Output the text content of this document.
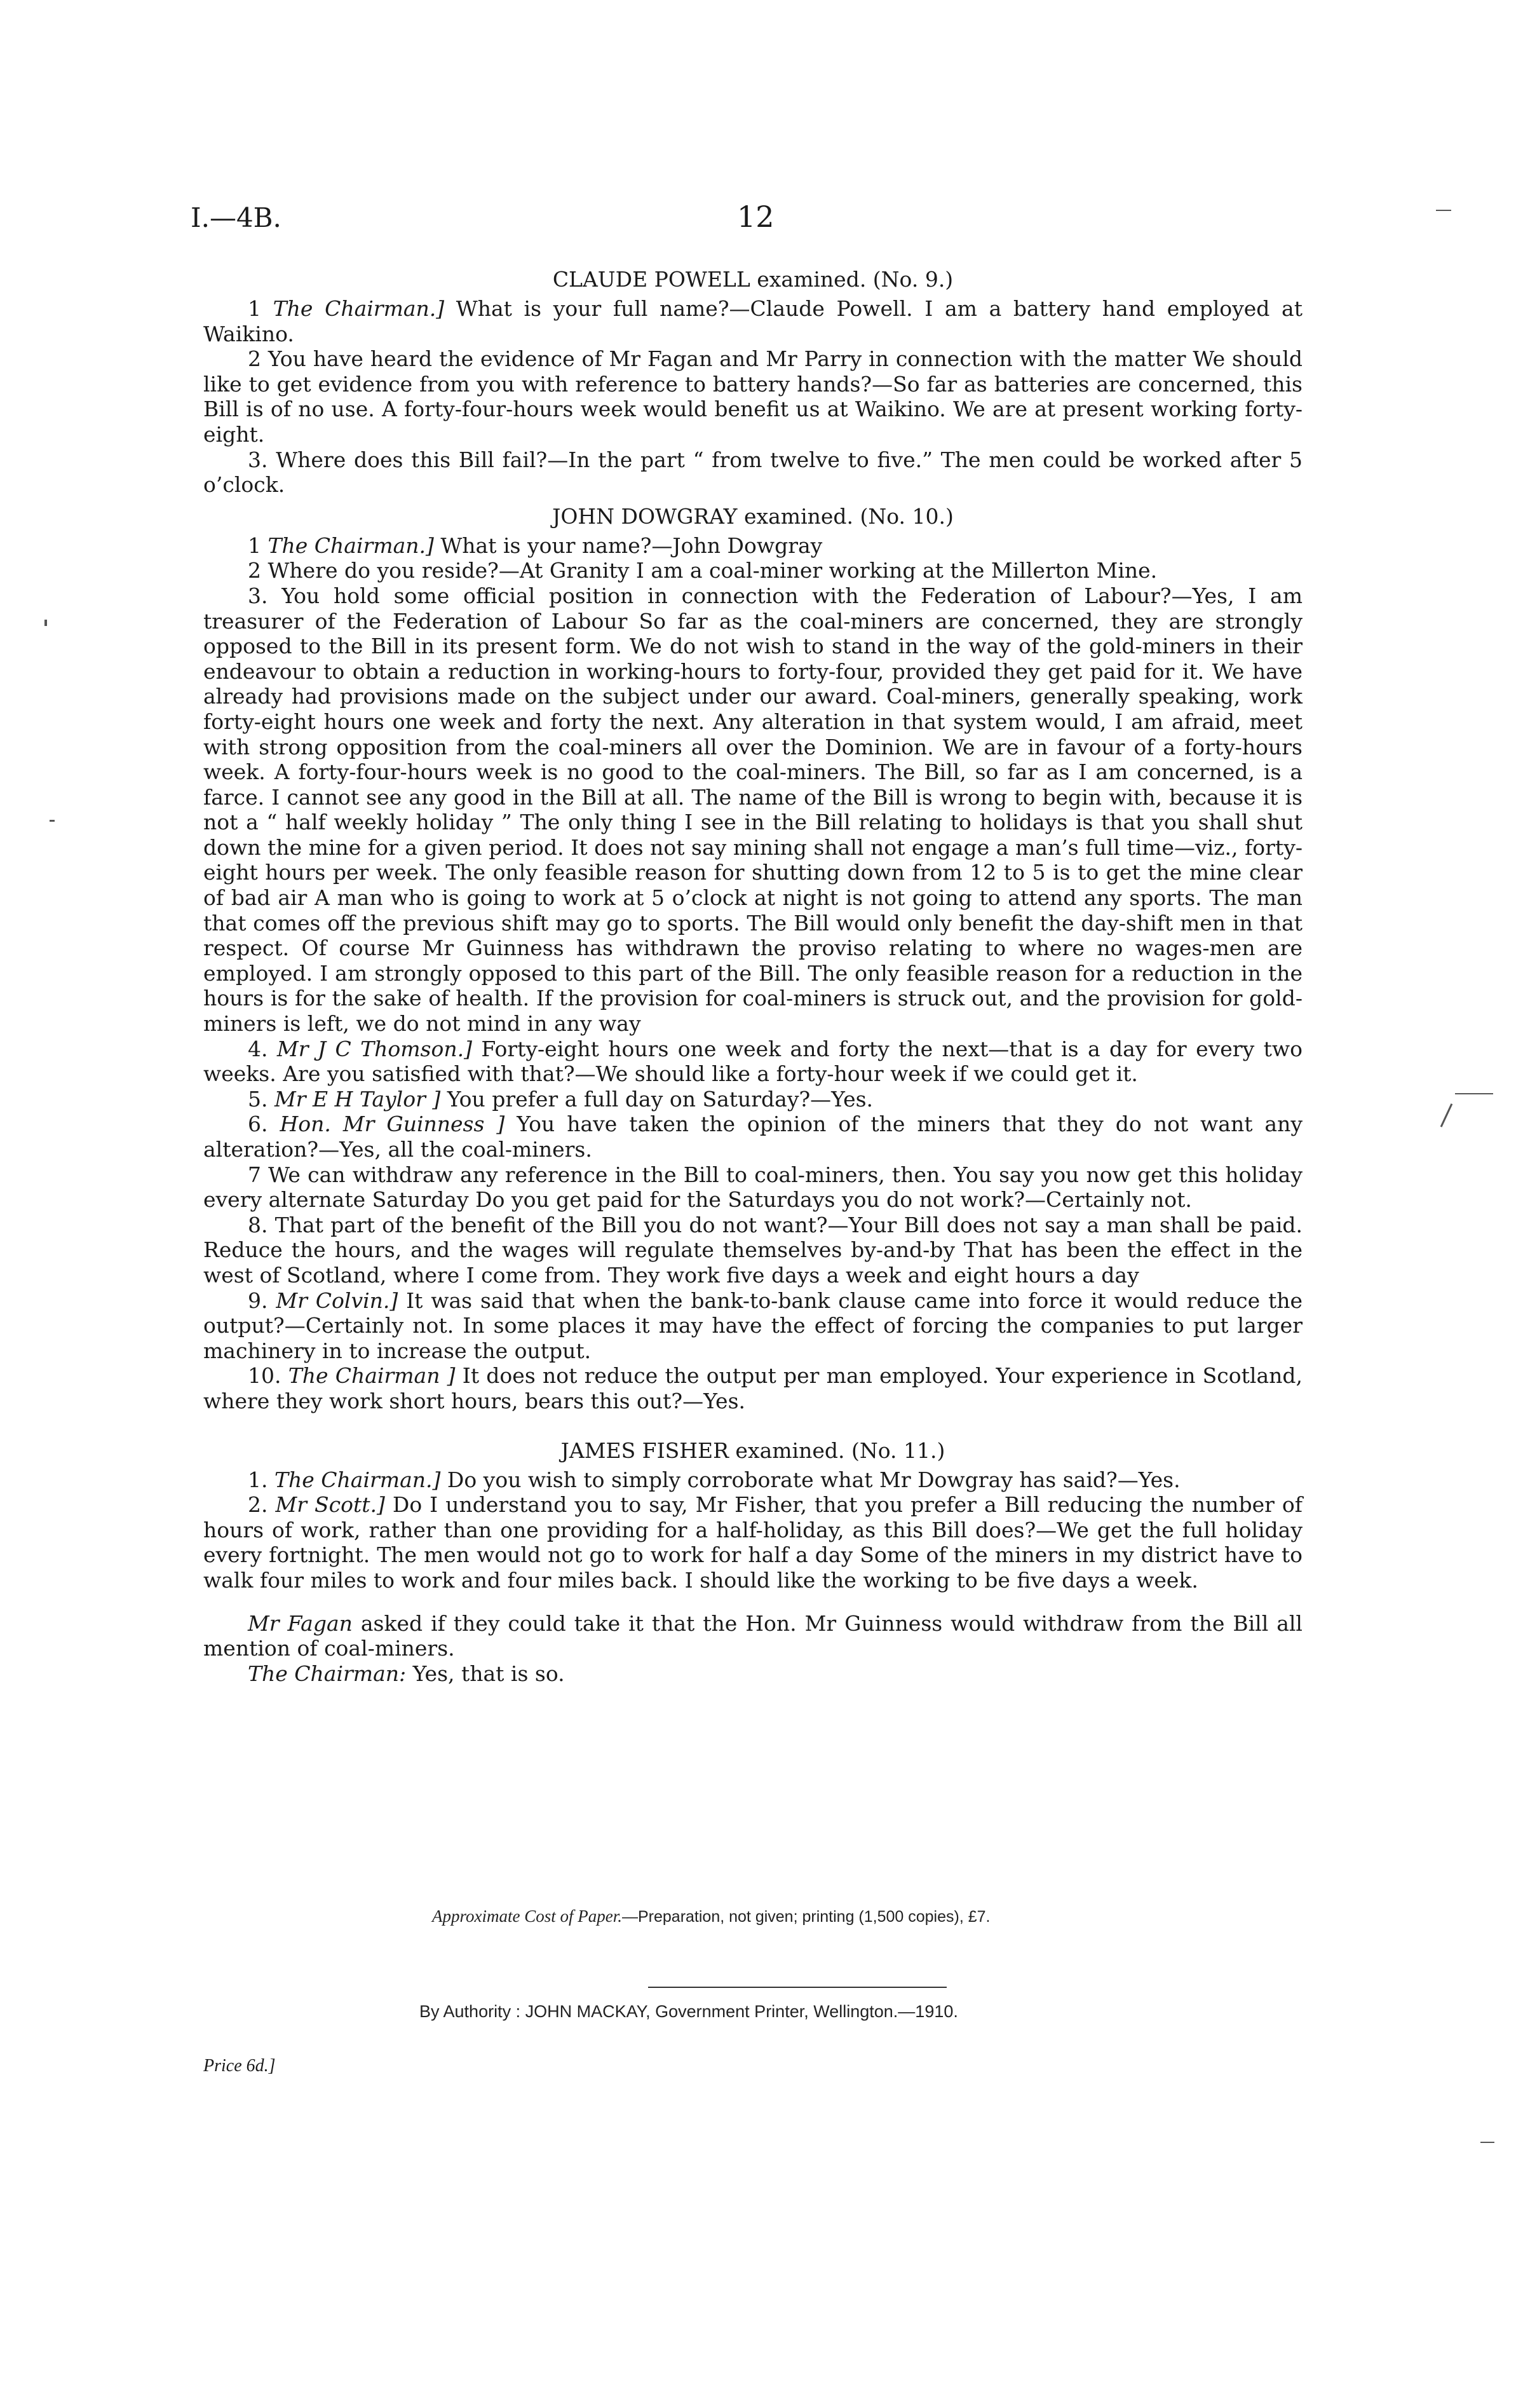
I.—4B.	12
CLAUDE POWELL examined. (No. 9.)

1 The Chairman.] What is your full name?—Claude Powell. I am a battery hand employed at Waikino.

2 You have heard the evidence of Mr Fagan and Mr Parry in connection with the matter We should like to get evidence from you with reference to battery hands?—So far as batteries are concerned, this Bill is of no use. A forty-four-hours week would benefit us at Waikino. We are at present working forty-eight.

3. Where does this Bill fail?—In the part “ from twelve to five.” The men could be worked after 5 o’clock.

JOHN DOWGRAY examined. (No. 10.)

1 The Chairman.] What is your name?—John Dowgray

2 Where do you reside?—At Granity I am a coal-miner working at the Millerton Mine.

3. You hold some official position in connection with the Federation of Labour?—Yes, I am treasurer of the Federation of Labour So far as the coal-miners are concerned, they are strongly opposed to the Bill in its present form. We do not wish to stand in the way of the gold-miners in their endeavour to obtain a reduction in working-hours to forty-four, provided they get paid for it. We have already had provisions made on the subject under our award. Coal-miners, generally speaking, work forty-eight hours one week and forty the next. Any alteration in that system would, I am afraid, meet with strong opposition from the coal-miners all over the Dominion. We are in favour of a forty-hours week. A forty-four-hours week is no good to the coal-miners. The Bill, so far as I am concerned, is a farce. I cannot see any good in the Bill at all. The name of the Bill is wrong to begin with, because it is not a “ half weekly holiday ” The only thing I see in the Bill relating to holidays is that you shall shut down the mine for a given period. It does not say mining shall not engage a man’s full time—viz., forty-eight hours per week. The only feasible reason for shutting down from 12 to 5 is to get the mine clear of bad air A man who is going to work at 5 o’clock at night is not going to attend any sports. The man that comes off the previous shift may go to sports. The Bill would only benefit the day-shift men in that respect. Of course Mr Guinness has withdrawn the proviso relating to where no wages-men are employed. I am strongly opposed to this part of the Bill. The only feasible reason for a reduction in the hours is for the sake of health. If the provision for coal-miners is struck out, and the provision for gold-miners is left, we do not mind in any way

4. Mr J C Thomson.] Forty-eight hours one week and forty the next—that is a day for every two weeks. Are you satisfied with that?—We should like a forty-hour week if we could get it.

5. Mr E H Taylor ] You prefer a full day on Saturday?—Yes.

6. Hon. Mr Guinness ] You have taken the opinion of the miners that they do not want any alteration?—Yes, all the coal-miners.

7 We can withdraw any reference in the Bill to coal-miners, then. You say you now get this holiday every alternate Saturday Do you get paid for the Saturdays you do not work?—Certainly not.

8. That part of the benefit of the Bill you do not want?—Your Bill does not say a man shall be paid. Reduce the hours, and the wages will regulate themselves by-and-by That has been the effect in the west of Scotland, where I come from. They work five days a week and eight hours a day

9. Mr Colvin.] It was said that when the bank-to-bank clause came into force it would reduce the output?—Certainly not. In some places it may have the effect of forcing the companies to put larger machinery in to increase the output.

10. The Chairman ] It does not reduce the output per man employed. Your experience in Scotland, where they work short hours, bears this out?—Yes.

JAMES FISHER examined. (No. 11.)

1. The Chairman.] Do you wish to simply corroborate what Mr Dowgray has said?—Yes.

2. Mr Scott.] Do I understand you to say, Mr Fisher, that you prefer a Bill reducing the number of hours of work, rather than one providing for a half-holiday, as this Bill does?—We get the full holiday every fortnight. The men would not go to work for half a day Some of the miners in my district have to walk four miles to work and four miles back. I should like the working to be five days a week.

Mr Fagan asked if they could take it that the Hon. Mr Guinness would withdraw from the Bill all mention of coal-miners.

The Chairman: Yes, that is so.

Approximate Cost of Paper.—Preparation, not given; printing (1,500 copies), £7.
By Authority : JOHN MACKAY, Government Printer, Wellington.—1910.
Price 6d.]
